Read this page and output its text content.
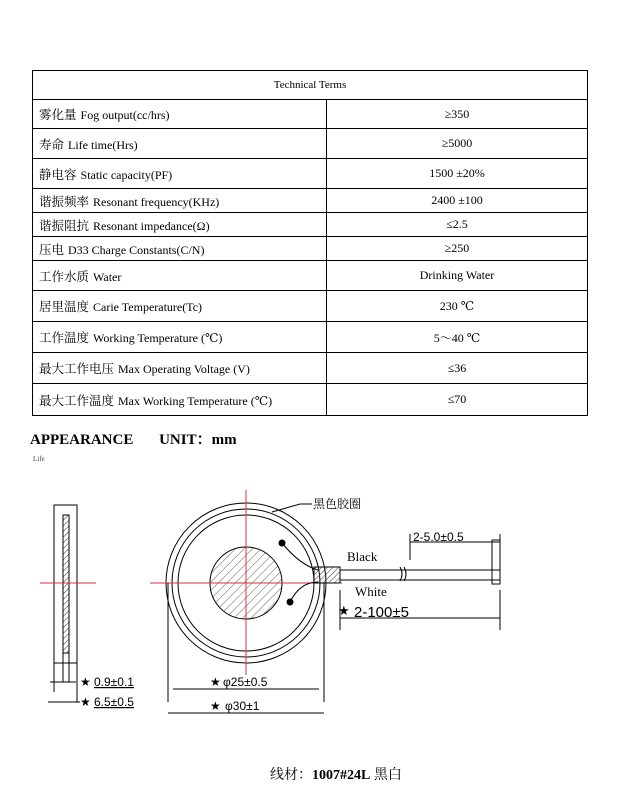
Technical Terms	
雾化量 Fog output(cc/hrs)	≥350
寿命 Life time(Hrs)	≥5000
静电容 Static capacity(PF)	1500 ±20%
谐振频率 Resonant frequency(KHz)	2400 ±100
谐振阻抗 Resonant impedance(Ω)	≤2.5
压电 D33 Charge Constants(C/N)	≥250
工作水质 Water	Drinking Water
居里温度 Carie Temperature(Tc)	230 ℃
工作温度 Working Temperature (℃)	5～40 ℃
最大工作电压 Max Operating Voltage (V)	≤36
最大工作温度 Max Working Temperature (℃)	≤70
APPEARANCE UNIT：mm
Life
★ 0.9±0.1
★ 6.5±0.5
黑色胶圈
Black
White
2-5.0±0.5
★ 2-100±5
★ φ25±0.5
★ φ30±1
线材：1007#24L 黑白
